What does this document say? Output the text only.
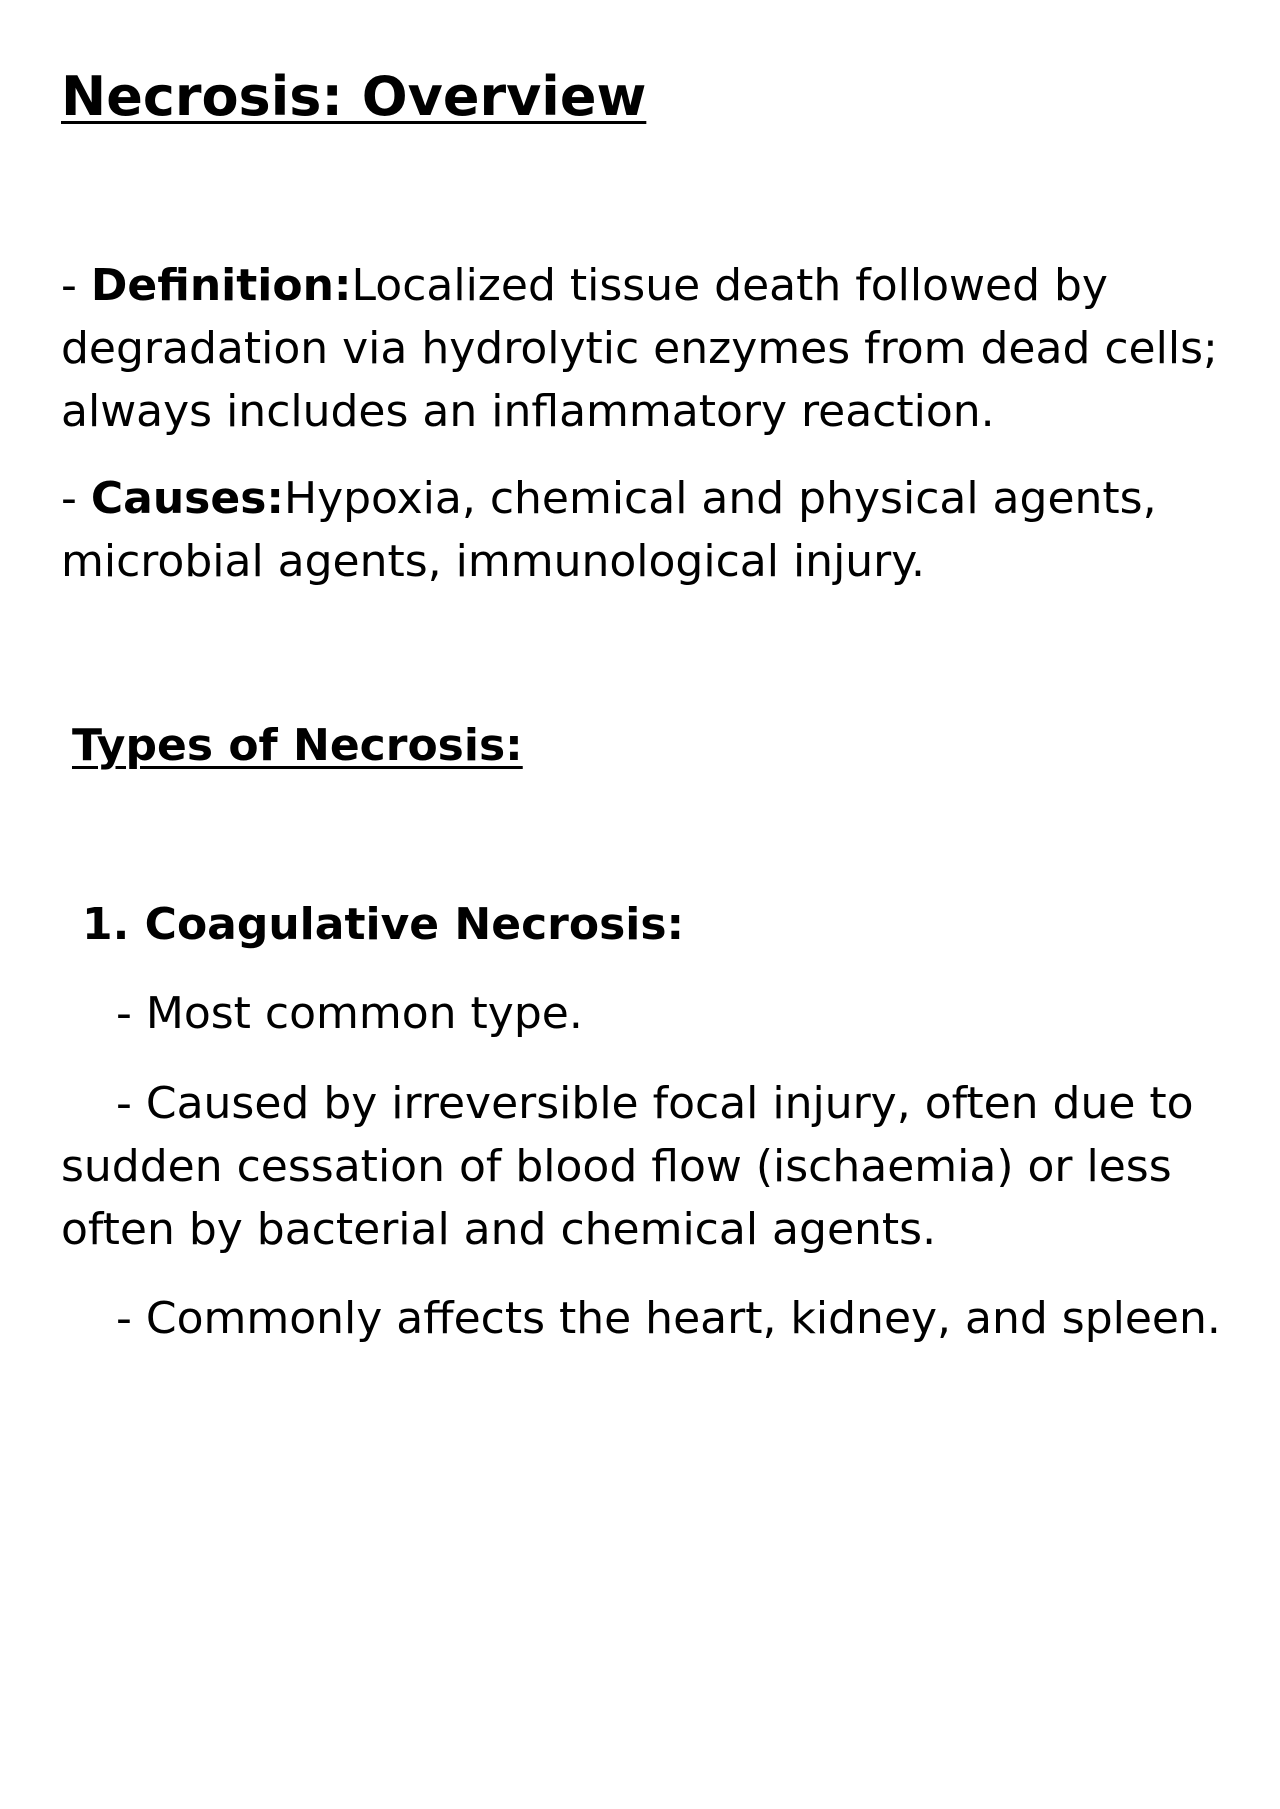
Necrosis: Overview

- Definition:Localized tissue death followed by degradation via hydrolytic enzymes from dead cells; always includes an inflammatory reaction.

- Causes:Hypoxia, chemical and physical agents, microbial agents, immunological injury.

Types of Necrosis:
1. Coagulative Necrosis:

- Most common type.

- Caused by irreversible focal injury, often due to sudden cessation of blood flow (ischaemia) or less often by bacterial and chemical agents.

- Commonly affects the heart, kidney, and spleen.
